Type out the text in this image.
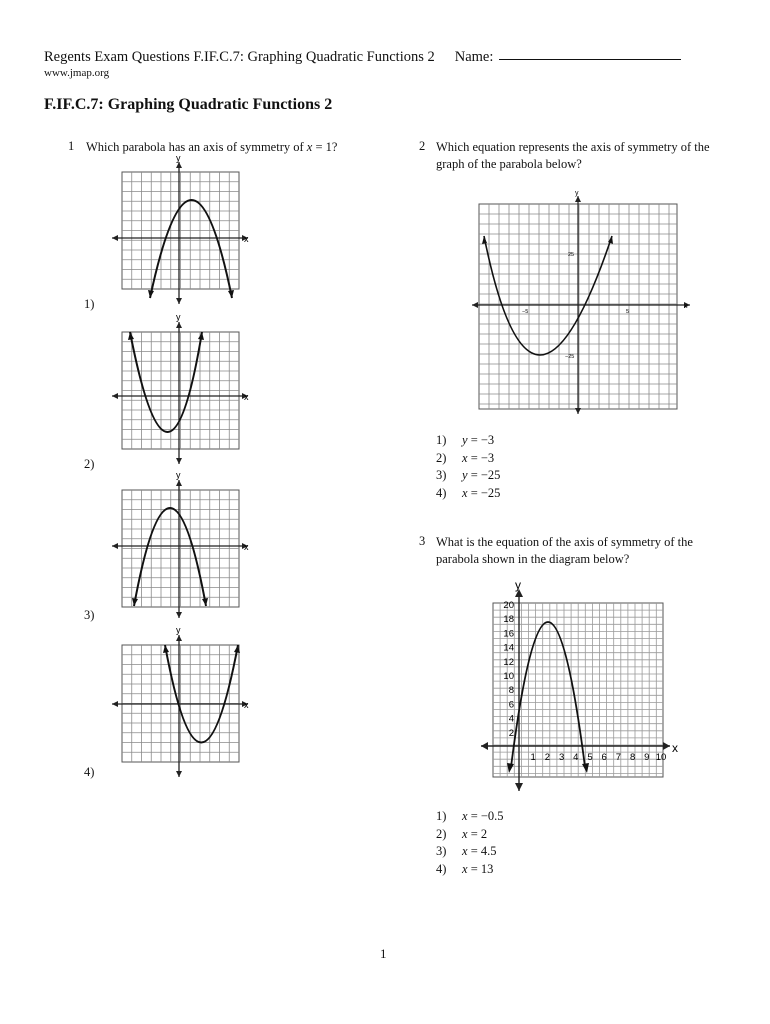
Regents Exam Questions F.IF.C.7: Graphing Quadratic Functions 2 Name:
www.jmap.org
F.IF.C.7: Graphing Quadratic Functions 2
1 Which parabola has an axis of symmetry of x = 1?
1)
2)
3)
4)
y
x
y
x
y
x
y
x
2 Which equation represents the axis of symmetry of the graph of the parabola below?
y
x
25
−5	5
−25
1) y = −3
2) x = −3
3) y = −25
4) x = −25
3 What is the equation of the axis of symmetry of the parabola shown in the diagram below?
20
18
16
14
12
10
8
6
4
2
1 2 3 4 5 6 7 8 9 10
y
x
1) x = −0.5
2) x = 2
3) x = 4.5
4) x = 13
1
